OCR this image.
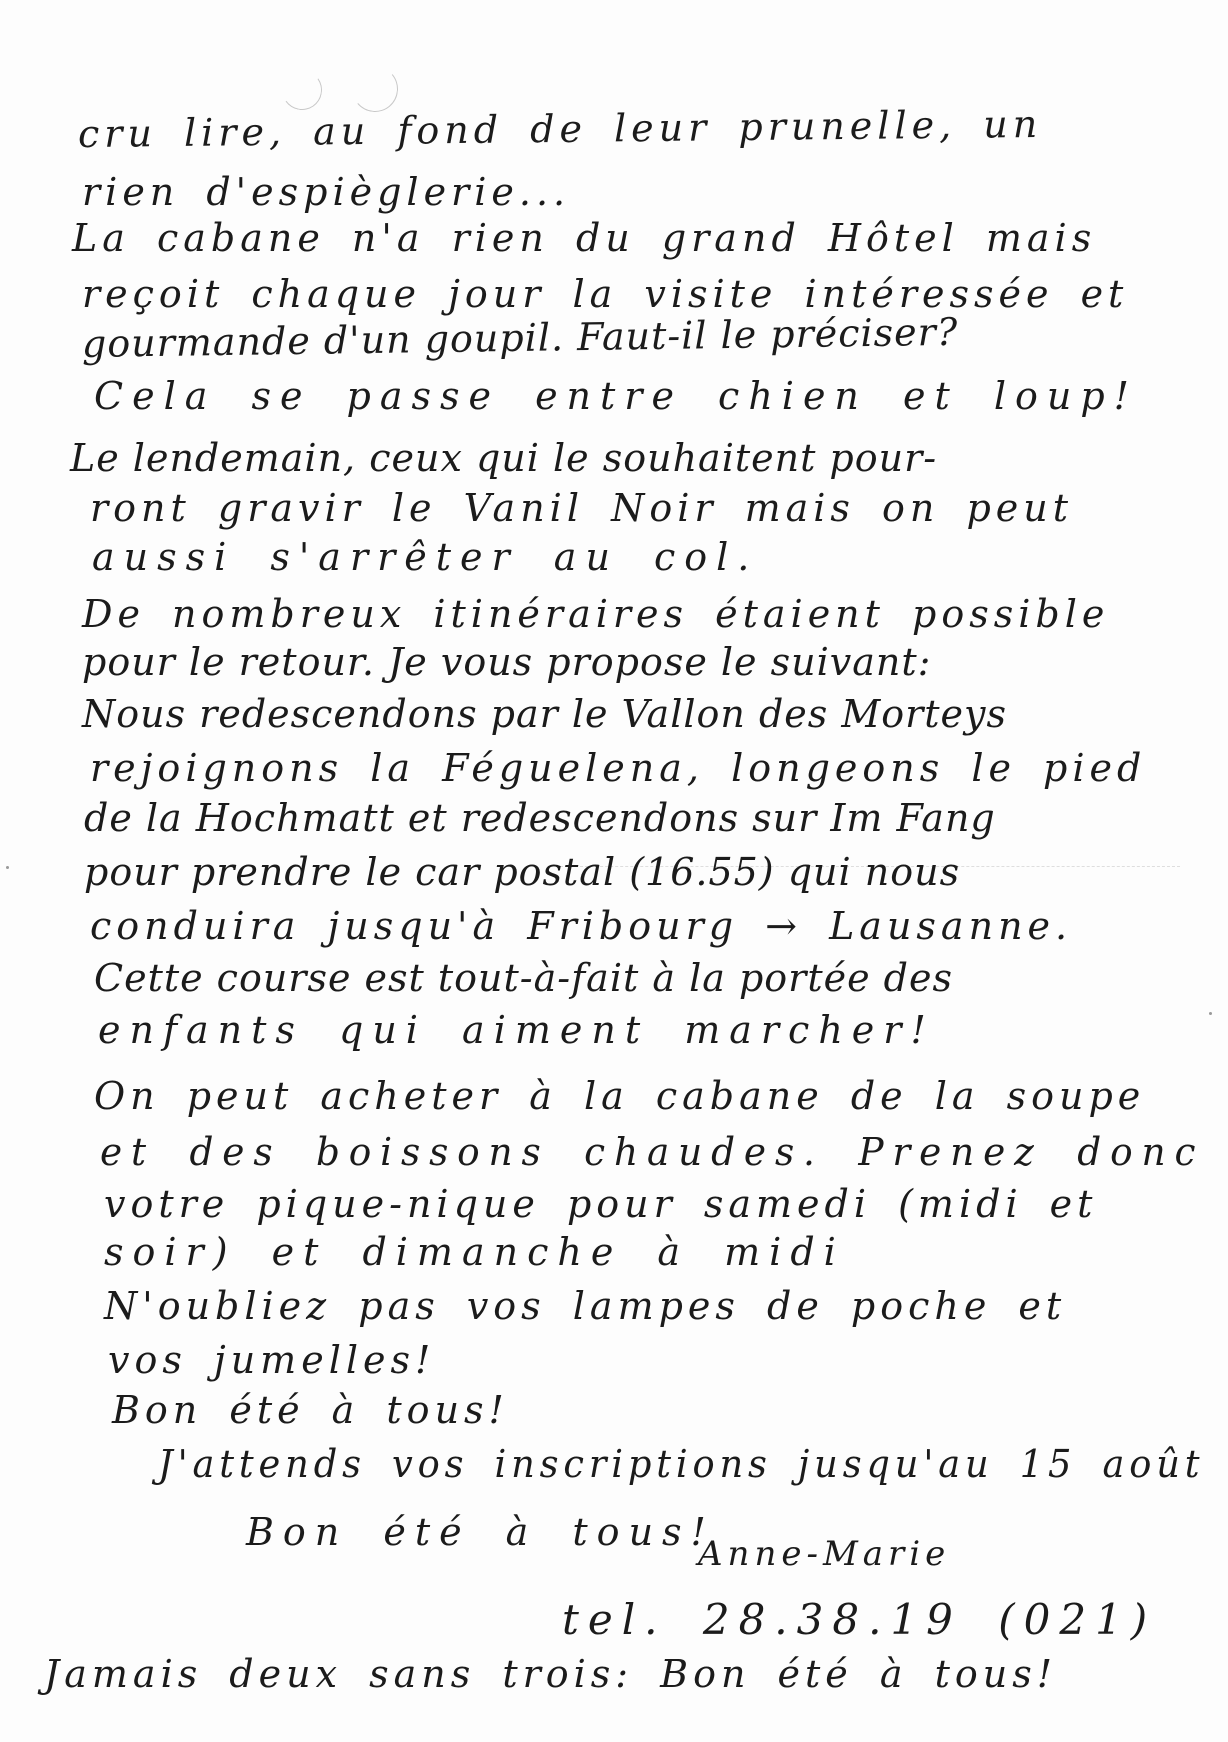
cru lire, au fond de leur prunelle, un

rien d'espièglerie...

La cabane n'a rien du grand Hôtel mais

reçoit chaque jour la visite intéressée et

gourmande d'un goupil. Faut-il le préciser?

Cela se passe entre chien et loup!

Le lendemain, ceux qui le souhaitent pour-

ront gravir le Vanil Noir mais on peut

aussi s'arrêter au col.

De nombreux itinéraires étaient possible

pour le retour. Je vous propose le suivant:

Nous redescendons par le Vallon des Morteys

rejoignons la Féguelena, longeons le pied

de la Hochmatt et redescendons sur Im Fang

pour prendre le car postal (16.55) qui nous

conduira jusqu'à Fribourg → Lausanne.

Cette course est tout-à-fait à la portée des

enfants qui aiment marcher!

On peut acheter à la cabane de la soupe

et des boissons chaudes. Prenez donc

votre pique-nique pour samedi (midi et

soir) et dimanche à midi

N'oubliez pas vos lampes de poche et

vos jumelles!

Bon été à tous!

J'attends vos inscriptions jusqu'au 15 août

Bon été à tous!

Anne-Marie

tel. 28.38.19 (021)

Jamais deux sans trois: Bon été à tous!
